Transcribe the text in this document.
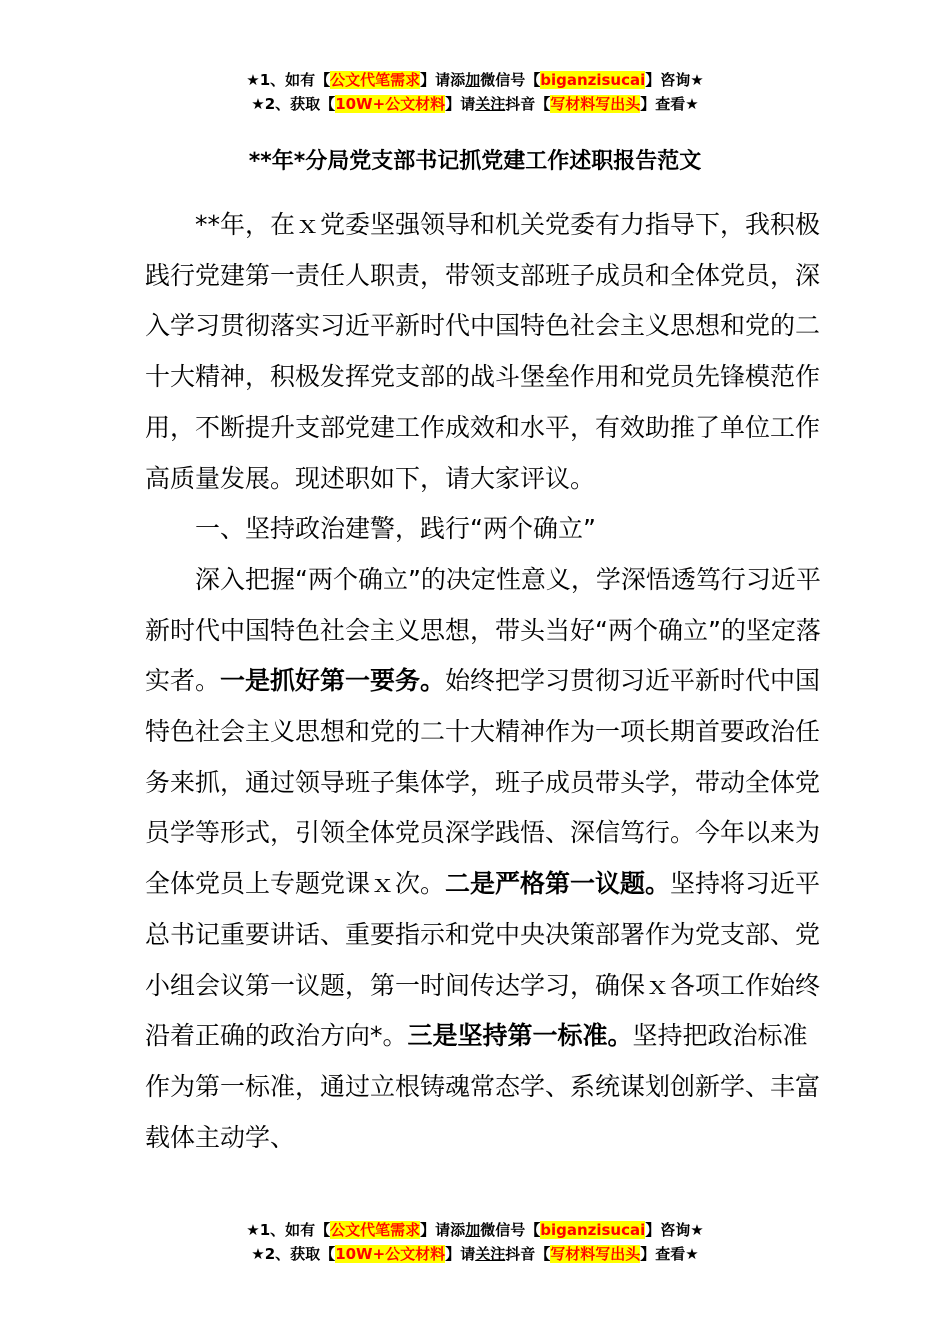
★1、如有【公文代笔需求】请添加微信号【biganzisucai】咨询★
★2、获取【10W+公文材料】请关注抖音【写材料写出头】查看★
**年*分局党支部书记抓党建工作述职报告范文

**年，在ｘ党委坚强领导和机关党委有力指导下，我积极践行党建第一责任人职责，带领支部班子成员和全体党员，深入学习贯彻落实习近平新时代中国特色社会主义思想和党的二十大精神，积极发挥党支部的战斗堡垒作用和党员先锋模范作用，不断提升支部党建工作成效和水平，有效助推了单位工作高质量发展。现述职如下，请大家评议。

一、坚持政治建警，践行“两个确立”

深入把握“两个确立”的决定性意义，学深悟透笃行习近平新时代中国特色社会主义思想，带头当好“两个确立”的坚定落实者。一是抓好第一要务。始终把学习贯彻习近平新时代中国特色社会主义思想和党的二十大精神作为一项长期首要政治任务来抓，通过领导班子集体学，班子成员带头学，带动全体党员学等形式，引领全体党员深学践悟、深信笃行。今年以来为全体党员上专题党课ｘ次。二是严格第一议题。坚持将习近平总书记重要讲话、重要指示和党中央决策部署作为党支部、党小组会议第一议题，第一时间传达学习，确保ｘ各项工作始终沿着正确的政治方向*。三是坚持第一标准。坚持把政治标准作为第一标准，通过立根铸魂常态学、系统谋划创新学、丰富载体主动学、

★1、如有【公文代笔需求】请添加微信号【biganzisucai】咨询★
★2、获取【10W+公文材料】请关注抖音【写材料写出头】查看★
